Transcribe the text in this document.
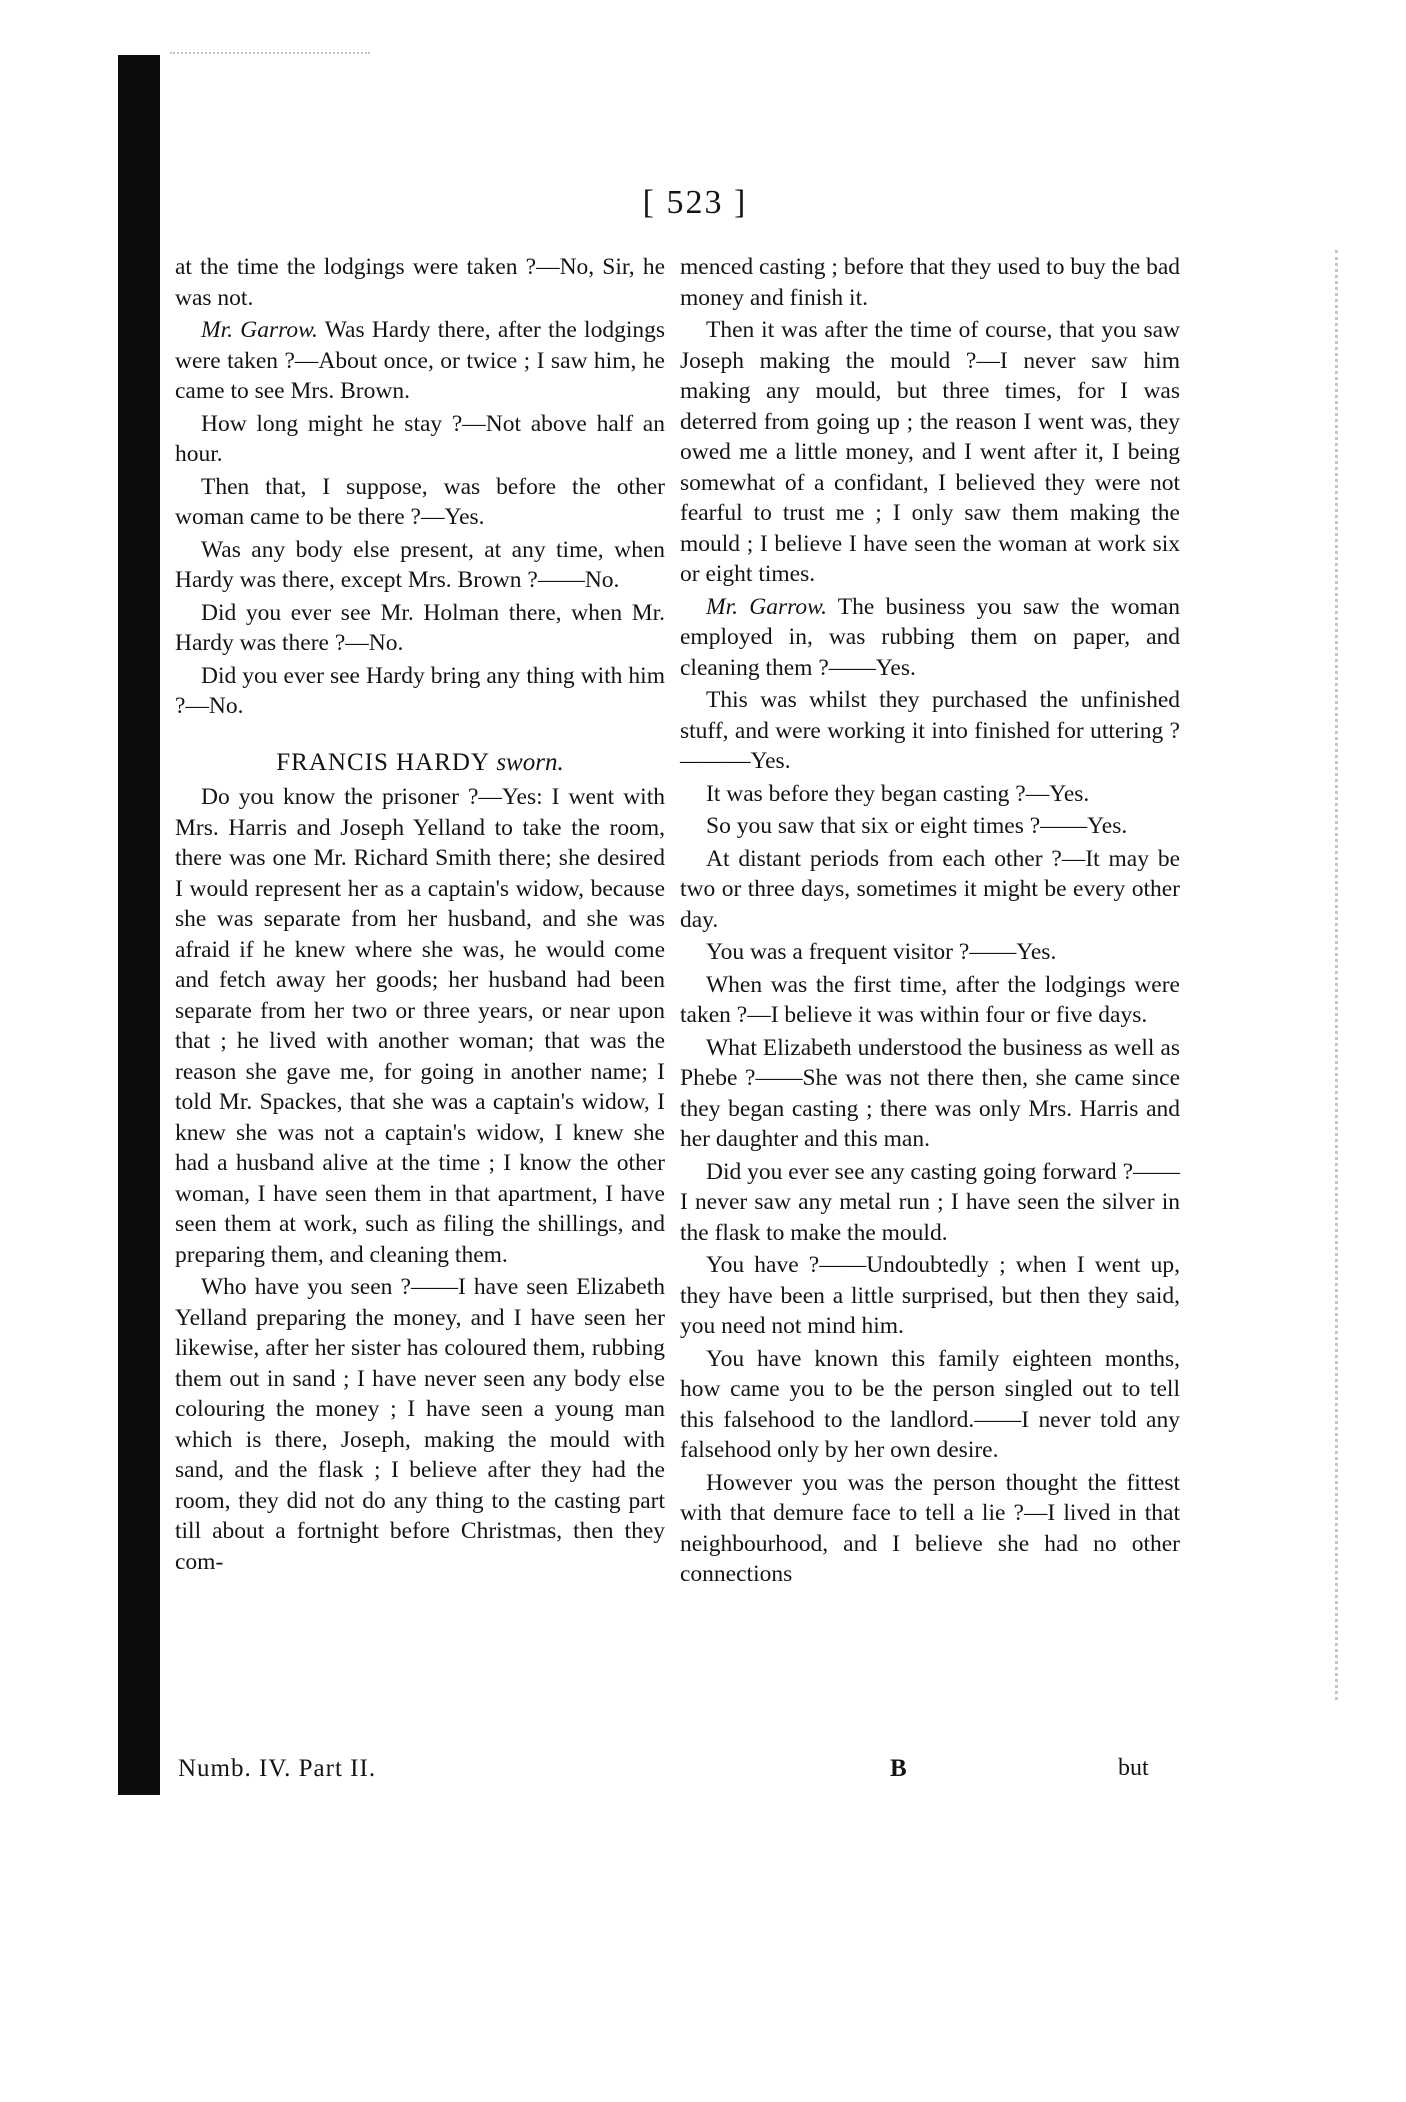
[ 523 ]

at the time the lodgings were taken ?—No, Sir, he was not.

Mr. Garrow. Was Hardy there, after the lodgings were taken ?—About once, or twice ; I saw him, he came to see Mrs. Brown.

How long might he stay ?—Not above half an hour.

Then that, I suppose, was before the other woman came to be there ?—Yes.

Was any body else present, at any time, when Hardy was there, except Mrs. Brown ?——No.

Did you ever see Mr. Holman there, when Mr. Hardy was there ?—No.

Did you ever see Hardy bring any thing with him ?—No.

FRANCIS HARDY sworn.

Do you know the prisoner ?—Yes: I went with Mrs. Harris and Joseph Yelland to take the room, there was one Mr. Richard Smith there; she desired I would represent her as a captain's widow, because she was separate from her husband, and she was afraid if he knew where she was, he would come and fetch away her goods; her husband had been separate from her two or three years, or near upon that ; he lived with another woman; that was the reason she gave me, for going in another name; I told Mr. Spackes, that she was a captain's widow, I knew she was not a captain's widow, I knew she had a husband alive at the time ; I know the other woman, I have seen them in that apartment, I have seen them at work, such as filing the shillings, and preparing them, and cleaning them.

Who have you seen ?——I have seen Elizabeth Yelland preparing the money, and I have seen her likewise, after her sister has coloured them, rubbing them out in sand ; I have never seen any body else colouring the money ; I have seen a young man which is there, Joseph, making the mould with sand, and the flask ; I believe after they had the room, they did not do any thing to the casting part till about a fortnight before Christmas, then they com-

menced casting ; before that they used to buy the bad money and finish it.

Then it was after the time of course, that you saw Joseph making the mould ?—I never saw him making any mould, but three times, for I was deterred from going up ; the reason I went was, they owed me a little money, and I went after it, I being somewhat of a confidant, I believed they were not fearful to trust me ; I only saw them making the mould ; I believe I have seen the woman at work six or eight times.

Mr. Garrow. The business you saw the woman employed in, was rubbing them on paper, and cleaning them ?——Yes.

This was whilst they purchased the unfinished stuff, and were working it into finished for uttering ?———Yes.

It was before they began casting ?—Yes.

So you saw that six or eight times ?——Yes.

At distant periods from each other ?—It may be two or three days, sometimes it might be every other day.

You was a frequent visitor ?——Yes.

When was the first time, after the lodgings were taken ?—I believe it was within four or five days.

What Elizabeth understood the business as well as Phebe ?——She was not there then, she came since they began casting ; there was only Mrs. Harris and her daughter and this man.

Did you ever see any casting going forward ?——I never saw any metal run ; I have seen the silver in the flask to make the mould.

You have ?——Undoubtedly ; when I went up, they have been a little surprised, but then they said, you need not mind him.

You have known this family eighteen months, how came you to be the person singled out to tell this falsehood to the landlord.——I never told any falsehood only by her own desire.

However you was the person thought the fittest with that demure face to tell a lie ?—I lived in that neighbourhood, and I believe she had no other connections

Numb. IV. Part II.	B	but
